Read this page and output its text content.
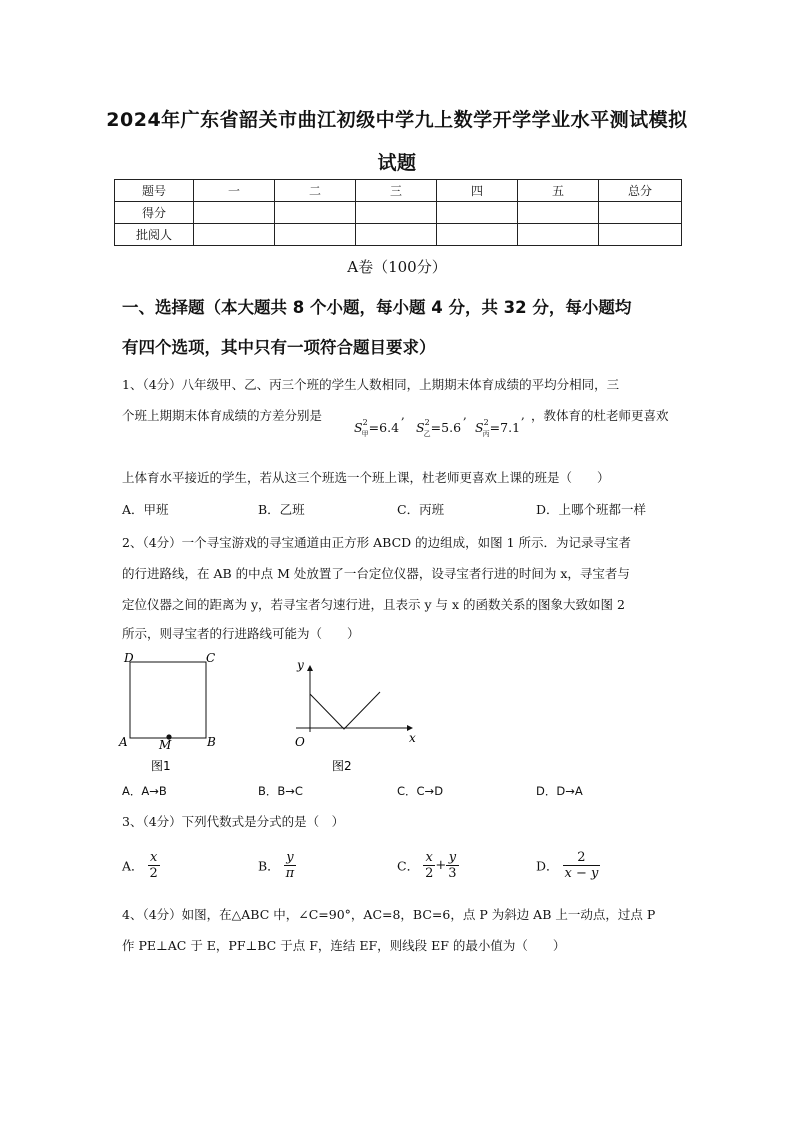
2024年广东省韶关市曲江初级中学九上数学开学学业水平测试模拟
试题
题号	一	二	三	四	五	总分
得分						
批阅人						
A卷（100分）
一、选择题（本大题共 8 个小题，每小题 4 分，共 32 分，每小题均
有四个选项，其中只有一项符合题目要求）
1、（4分）八年级甲、乙、丙三个班的学生人数相同，上期期末体育成绩的平均分相同，三
个班上期期末体育成绩的方差分别是
$S^2_甲=6.4$
,
$S^2_乙=5.6$
,
$S^2_丙=7.1$
, ，教体育的杜老师更喜欢
上体育水平接近的学生，若从这三个班选一个班上课，杜老师更喜欢上课的班是（　　）
A．甲班	B．乙班	C．丙班	D．上哪个班都一样
2、（4分）一个寻宝游戏的寻宝通道由正方形 ABCD 的边组成，如图 1 所示．为记录寻宝者
的行进路线，在 AB 的中点 M 处放置了一台定位仪器，设寻宝者行进的时间为 x，寻宝者与
定位仪器之间的距离为 y，若寻宝者匀速行进，且表示 y 与 x 的函数关系的图象大致如图 2
所示，则寻宝者的行进路线可能为（　　）
D	C
A	M	B
图1
y
O	x
图2
A．A→B	B．B→C	C．C→D	D．D→A
3、（4分）下列代数式是分式的是（　）
A． $\frac{x}{2}$	B． $\frac{y}{\pi}$	C． $\frac{x}{2} + \frac{y}{3}$	D． $\frac{2}{x - y}$
4、（4分）如图，在△ABC 中，∠C=90°，AC=8，BC=6，点 P 为斜边 AB 上一动点，过点 P
作 PE⊥AC 于 E，PF⊥BC 于点 F，连结 EF，则线段 EF 的最小值为（　　）
